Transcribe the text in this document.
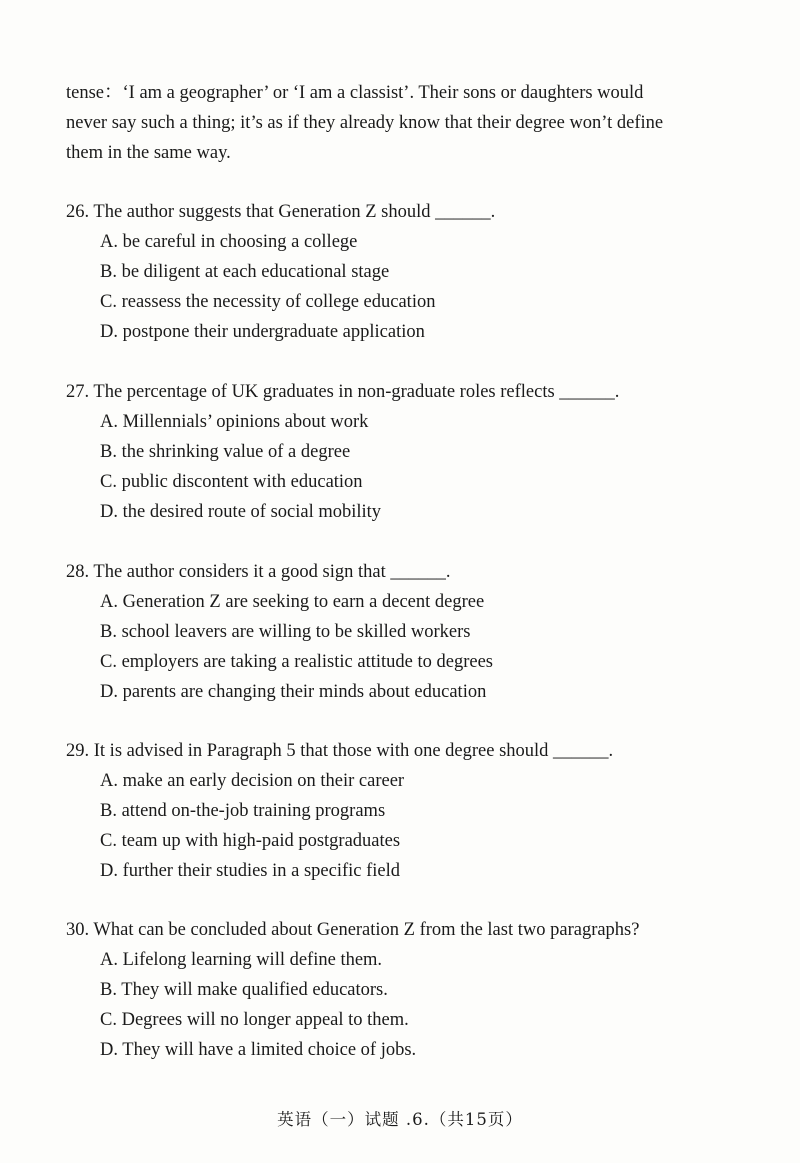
tense：‘I am a geographer’ or ‘I am a classist’. Their sons or daughters would

never say such a thing; it’s as if they already know that their degree won’t define

them in the same way.

26. The author suggests that Generation Z should ______.

A. be careful in choosing a college
B. be diligent at each educational stage
C. reassess the necessity of college education
D. postpone their undergraduate application

27. The percentage of UK graduates in non-graduate roles reflects ______.

A. Millennials’ opinions about work
B. the shrinking value of a degree
C. public discontent with education
D. the desired route of social mobility

28. The author considers it a good sign that ______.

A. Generation Z are seeking to earn a decent degree
B. school leavers are willing to be skilled workers
C. employers are taking a realistic attitude to degrees
D. parents are changing their minds about education

29. It is advised in Paragraph 5 that those with one degree should ______.

A. make an early decision on their career
B. attend on-the-job training programs
C. team up with high-paid postgraduates
D. further their studies in a specific field

30. What can be concluded about Generation Z from the last two paragraphs?

A. Lifelong learning will define them.
B. They will make qualified educators.
C. Degrees will no longer appeal to them.
D. They will have a limited choice of jobs.
英语（一）试题 .6.（共15页）
